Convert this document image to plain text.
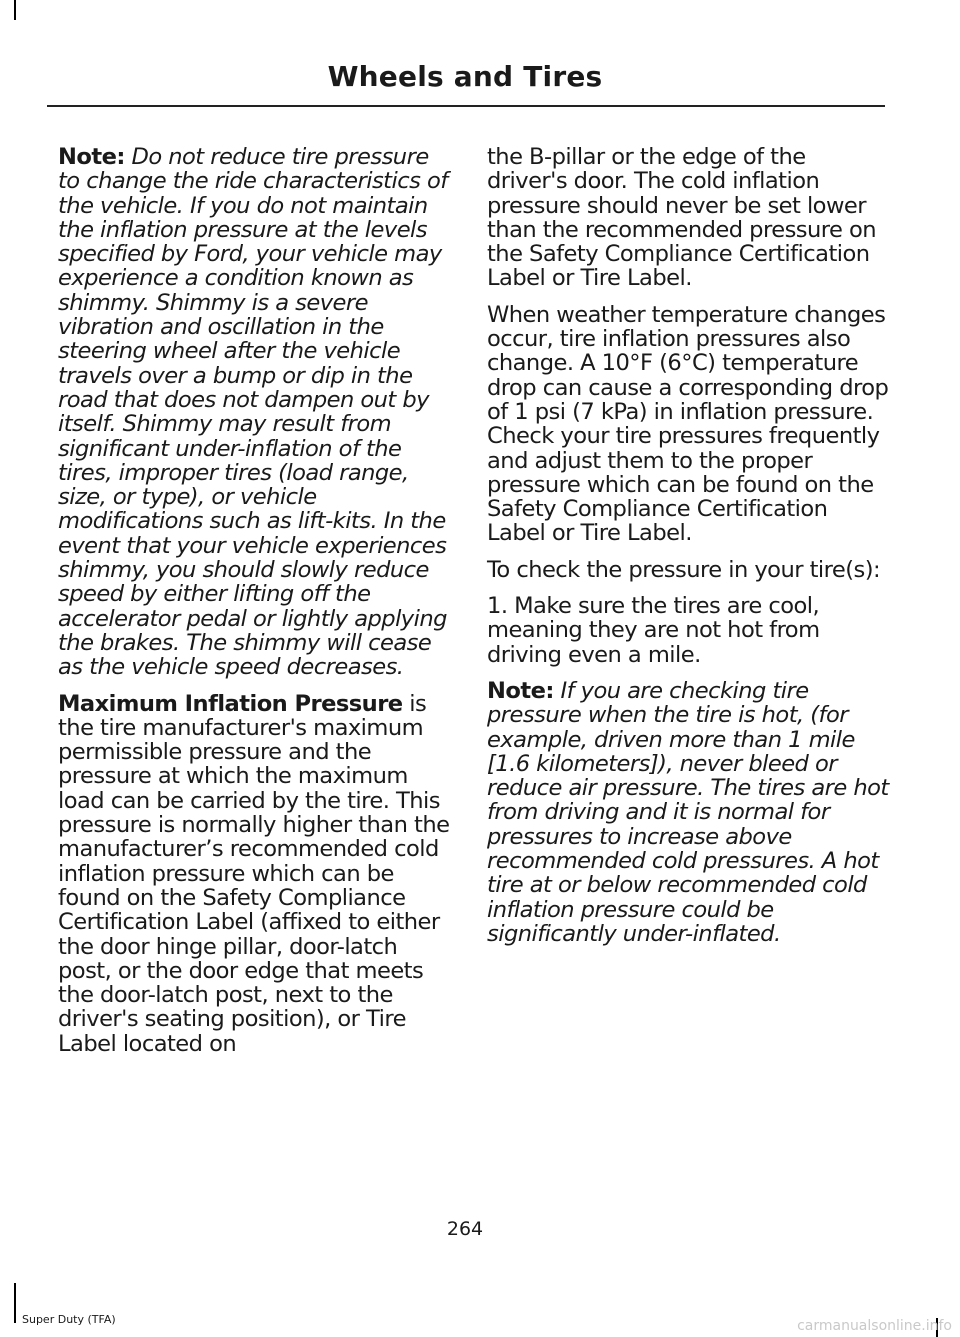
Wheels and Tires

Note: Do not reduce tire pressure to change the ride characteristics of the vehicle. If you do not maintain the inflation pressure at the levels specified by Ford, your vehicle may experience a condition known as shimmy. Shimmy is a severe vibration and oscillation in the steering wheel after the vehicle travels over a bump or dip in the road that does not dampen out by itself. Shimmy may result from significant under-inflation of the tires, improper tires (load range, size, or type), or vehicle modifications such as lift-kits. In the event that your vehicle experiences shimmy, you should slowly reduce speed by either lifting off the accelerator pedal or lightly applying the brakes. The shimmy will cease as the vehicle speed decreases.

Maximum Inflation Pressure is the tire manufacturer's maximum permissible pressure and the pressure at which the maximum load can be carried by the tire. This pressure is normally higher than the manufacturer’s recommended cold inflation pressure which can be found on the Safety Compliance Certification Label (affixed to either the door hinge pillar, door-latch post, or the door edge that meets the door-latch post, next to the driver's seating position), or Tire Label located on

the B-pillar or the edge of the driver's door. The cold inflation pressure should never be set lower than the recommended pressure on the Safety Compliance Certification Label or Tire Label.

When weather temperature changes occur, tire inflation pressures also change. A 10°F (6°C) temperature drop can cause a corresponding drop of 1 psi (7 kPa) in inflation pressure. Check your tire pressures frequently and adjust them to the proper pressure which can be found on the Safety Compliance Certification Label or Tire Label.

To check the pressure in your tire(s):

1. Make sure the tires are cool, meaning they are not hot from driving even a mile.

Note: If you are checking tire pressure when the tire is hot, (for example, driven more than 1 mile [1.6 kilometers]), never bleed or reduce air pressure. The tires are hot from driving and it is normal for pressures to increase above recommended cold pressures. A hot tire at or below recommended cold inflation pressure could be significantly under-inflated.

264
Super Duty (TFA)	carmanualsonline.info
